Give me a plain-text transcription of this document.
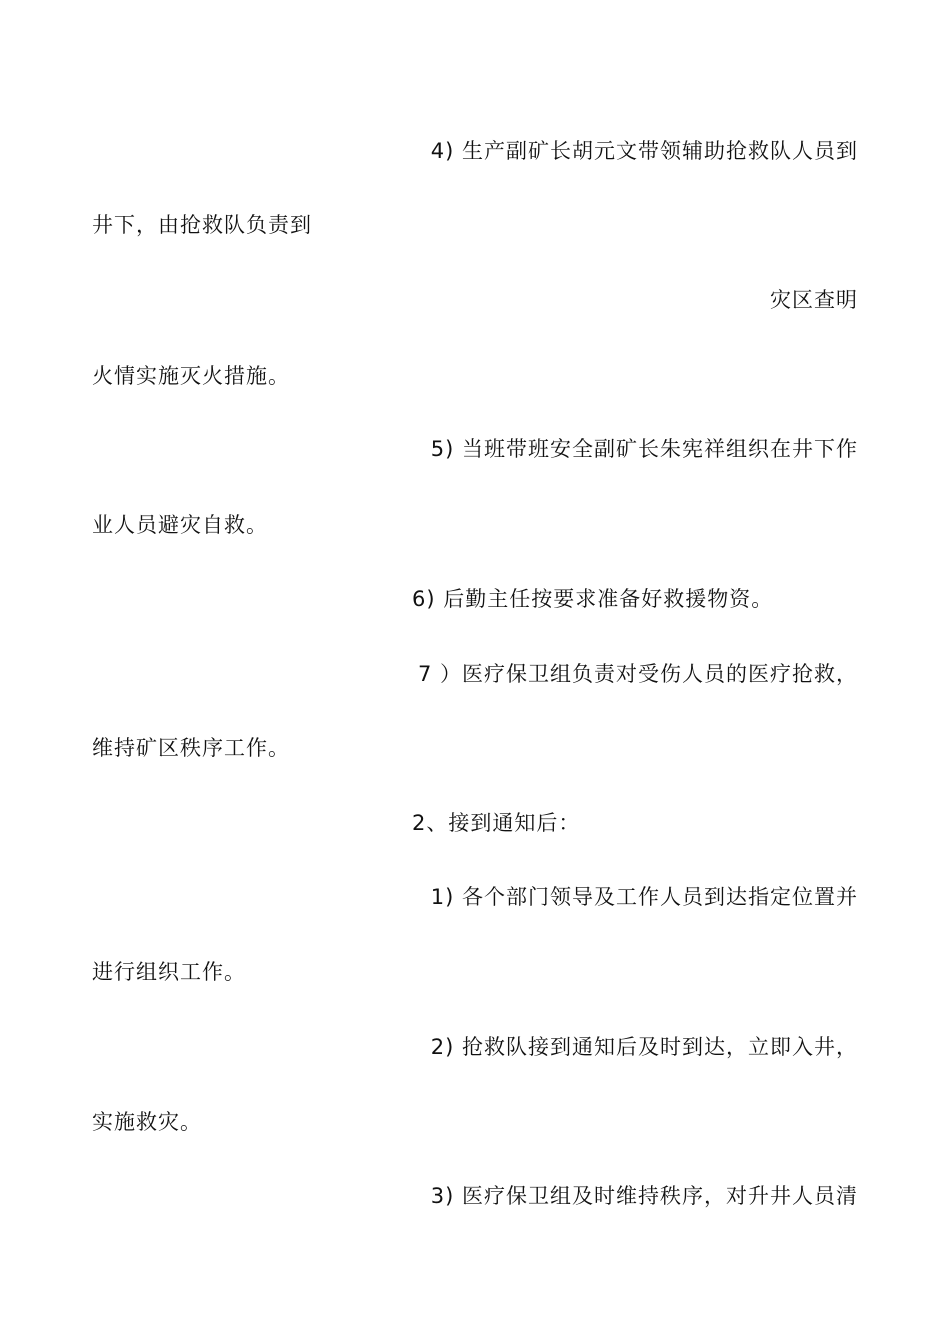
4) 生产副矿长胡元文带领辅助抢救队人员到
井下，由抢救队负责到
灾区查明
火情实施灭火措施。
5) 当班带班安全副矿长朱宪祥组织在井下作
业人员避灾自救。
6) 后勤主任按要求准备好救援物资。
7 ）医疗保卫组负责对受伤人员的医疗抢救，
维持矿区秩序工作。
2、接到通知后：
1) 各个部门领导及工作人员到达指定位置并
进行组织工作。
2) 抢救队接到通知后及时到达，立即入井，
实施救灾。
3) 医疗保卫组及时维持秩序，对升井人员清
